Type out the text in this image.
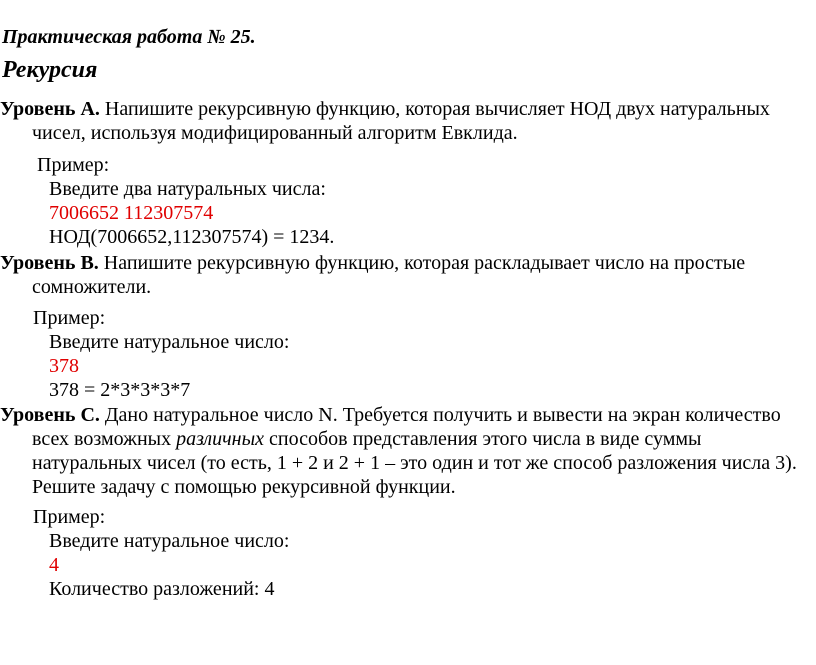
Практическая работа № 25.
Рекурсия

Уровень A. Напишите рекурсивную функцию, которая вычисляет НОД двух натуральных чисел, используя модифицированный алгоритм Евклида.

Пример:
Введите два натуральных числа:
7006652 112307574
НОД(7006652,112307574) = 1234.

Уровень B. Напишите рекурсивную функцию, которая раскладывает число на простые сомножители.

Пример:
Введите натуральное число:
378
378 = 2*3*3*3*7

Уровень C. Дано натуральное число N. Требуется получить и вывести на экран количество всех возможных различных способов представления этого числа в виде суммы натуральных чисел (то есть, 1 + 2 и 2 + 1 – это один и тот же способ разложения числа 3). Решите задачу с помощью рекурсивной функции.

Пример:
Введите натуральное число:
4
Количество разложений: 4
